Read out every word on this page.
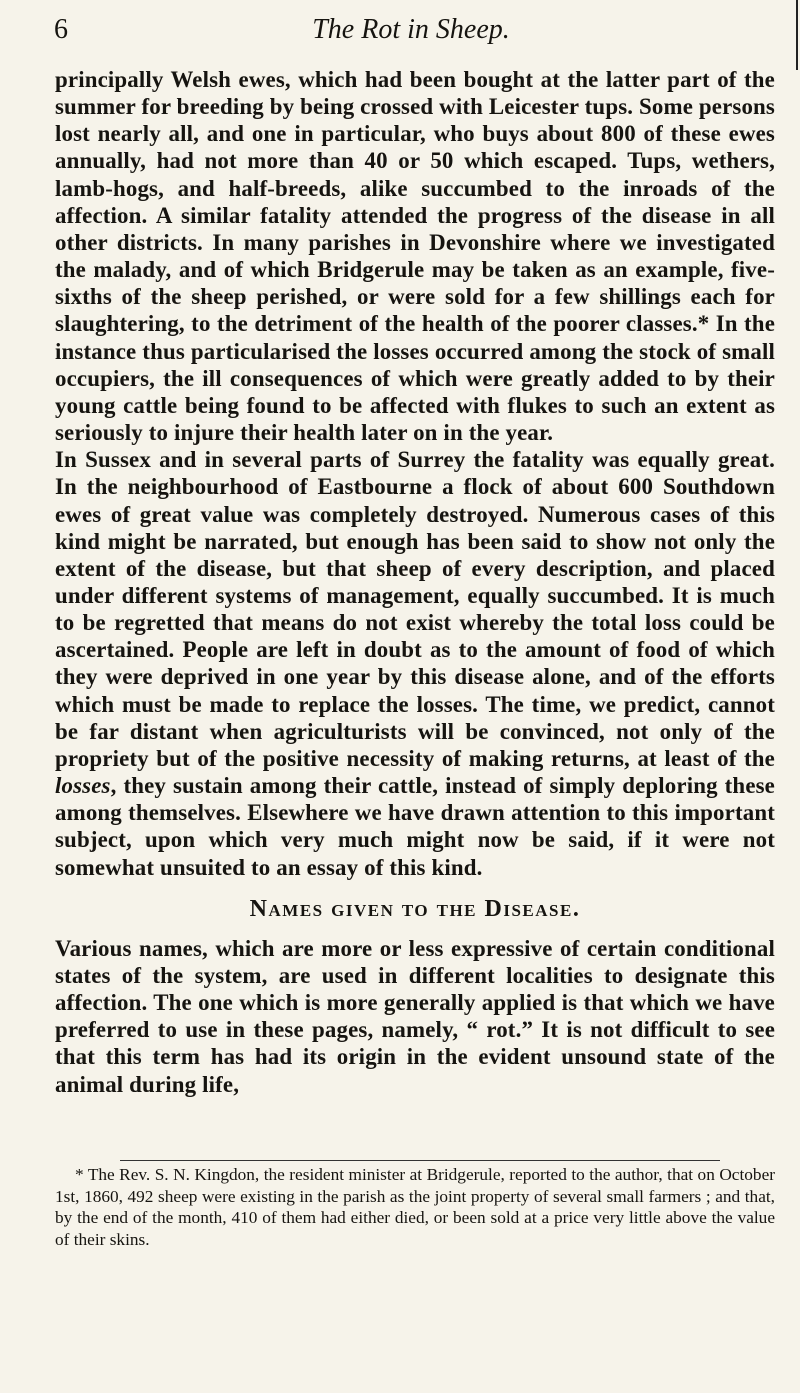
6	The Rot in Sheep.

principally Welsh ewes, which had been bought at the latter part of the summer for breeding by being crossed with Leicester tups. Some persons lost nearly all, and one in particular, who buys about 800 of these ewes annually, had not more than 40 or 50 which escaped. Tups, wethers, lamb-hogs, and half-breeds, alike succumbed to the inroads of the affection. A similar fatality attended the progress of the disease in all other districts. In many parishes in Devonshire where we investigated the malady, and of which Bridgerule may be taken as an example, five-sixths of the sheep perished, or were sold for a few shillings each for slaughtering, to the detriment of the health of the poorer classes.* In the instance thus particularised the losses occurred among the stock of small occupiers, the ill consequences of which were greatly added to by their young cattle being found to be affected with flukes to such an extent as seriously to injure their health later on in the year.

In Sussex and in several parts of Surrey the fatality was equally great. In the neighbourhood of Eastbourne a flock of about 600 Southdown ewes of great value was completely destroyed. Numerous cases of this kind might be narrated, but enough has been said to show not only the extent of the disease, but that sheep of every description, and placed under different systems of management, equally succumbed. It is much to be regretted that means do not exist whereby the total loss could be ascertained. People are left in doubt as to the amount of food of which they were deprived in one year by this disease alone, and of the efforts which must be made to replace the losses. The time, we predict, cannot be far distant when agriculturists will be convinced, not only of the propriety but of the positive necessity of making returns, at least of the losses, they sustain among their cattle, instead of simply deploring these among themselves. Elsewhere we have drawn attention to this important subject, upon which very much might now be said, if it were not somewhat unsuited to an essay of this kind.

Names given to the Disease.

Various names, which are more or less expressive of certain conditional states of the system, are used in different localities to designate this affection. The one which is more generally applied is that which we have preferred to use in these pages, namely, “ rot.” It is not difficult to see that this term has had its origin in the evident unsound state of the animal during life,

* The Rev. S. N. Kingdon, the resident minister at Bridgerule, reported to the author, that on October 1st, 1860, 492 sheep were existing in the parish as the joint property of several small farmers ; and that, by the end of the month, 410 of them had either died, or been sold at a price very little above the value of their skins.
